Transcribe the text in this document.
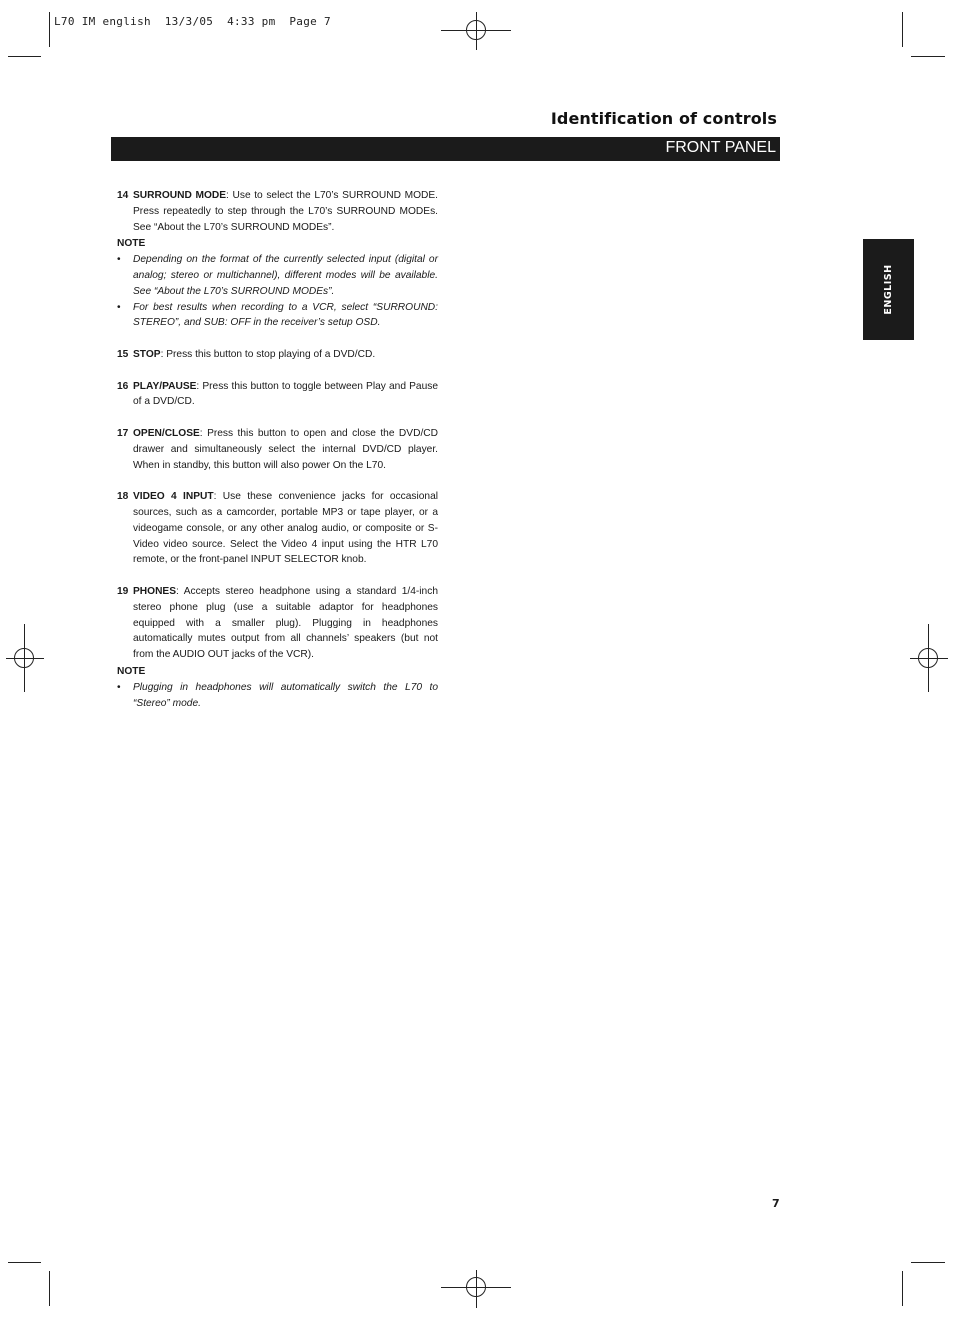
L70 IM english  13/3/05  4:33 pm  Page 7
Identification of controls
FRONT PANEL
ENGLISH
14 SURROUND MODE: Use to select the L70’s SURROUND MODE. Press repeatedly to step through the L70’s SURROUND MODEs. See “About the L70’s SURROUND MODEs”.
NOTE
• Depending on the format of the currently selected input (digital or analog; stereo or multichannel), different modes will be available. See “About the L70’s SURROUND MODEs”.
• For best results when recording to a VCR, select “SURROUND: STEREO”, and SUB: OFF in the receiver’s setup OSD.
15 STOP: Press this button to stop playing of a DVD/CD.
16 PLAY/PAUSE: Press this button to toggle between Play and Pause of a DVD/CD.
17 OPEN/CLOSE: Press this button to open and close the DVD/CD drawer and simultaneously select the internal DVD/CD player. When in standby, this button will also power On the L70.
18 VIDEO 4 INPUT: Use these convenience jacks for occasional sources, such as a camcorder, portable MP3 or tape player, or a videogame console, or any other analog audio, or composite or S-Video video source. Select the Video 4 input using the HTR L70 remote, or the front-panel INPUT SELECTOR knob.
19 PHONES: Accepts stereo headphone using a standard 1/4-inch stereo phone plug (use a suitable adaptor for headphones equipped with a smaller plug). Plugging in headphones automatically mutes output from all channels’ speakers (but not from the AUDIO OUT jacks of the VCR).
NOTE
• Plugging in headphones will automatically switch the L70 to “Stereo” mode.
7
